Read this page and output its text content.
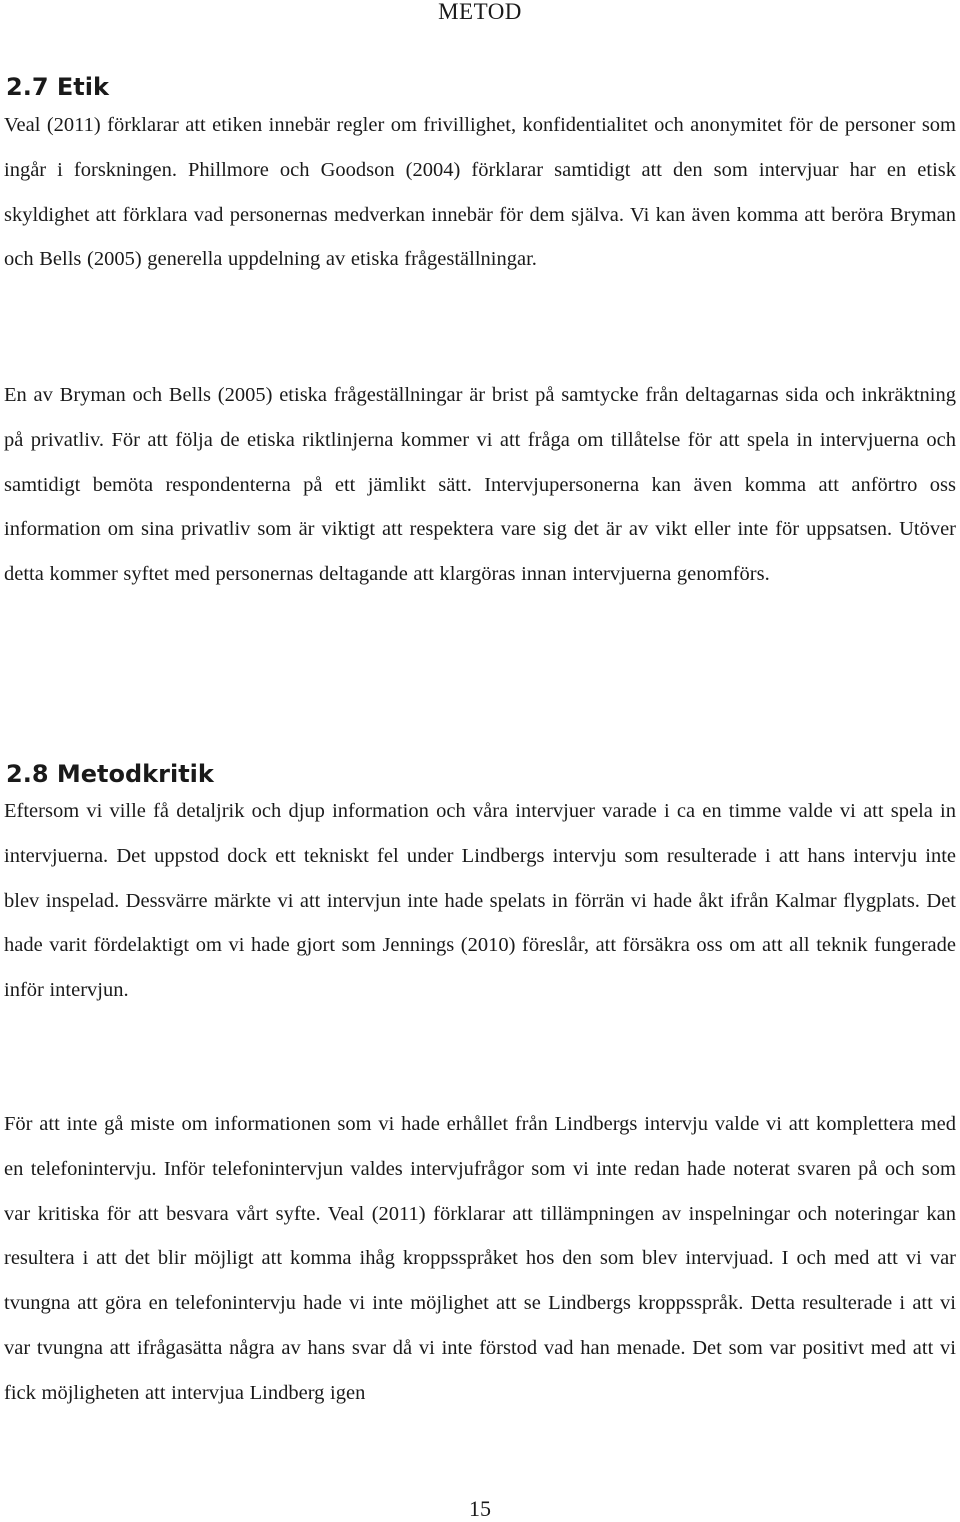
METOD
2.7 Etik

Veal (2011) förklarar att etiken innebär regler om frivillighet, konfidentialitet och anonymitet för de personer som ingår i forskningen. Phillmore och Goodson (2004) förklarar samtidigt att den som intervjuar har en etisk skyldighet att förklara vad personernas medverkan innebär för dem själva. Vi kan även komma att beröra Bryman och Bells (2005) generella uppdelning av etiska frågeställningar.

En av Bryman och Bells (2005) etiska frågeställningar är brist på samtycke från deltagarnas sida och inkräktning på privatliv. För att följa de etiska riktlinjerna kommer vi att fråga om tillåtelse för att spela in intervjuerna och samtidigt bemöta respondenterna på ett jämlikt sätt. Intervjupersonerna kan även komma att anförtro oss information om sina privatliv som är viktigt att respektera vare sig det är av vikt eller inte för uppsatsen. Utöver detta kommer syftet med personernas deltagande att klargöras innan intervjuerna genomförs.

2.8 Metodkritik

Eftersom vi ville få detaljrik och djup information och våra intervjuer varade i ca en timme valde vi att spela in intervjuerna. Det uppstod dock ett tekniskt fel under Lindbergs intervju som resulterade i att hans intervju inte blev inspelad. Dessvärre märkte vi att intervjun inte hade spelats in förrän vi hade åkt ifrån Kalmar flygplats. Det hade varit fördelaktigt om vi hade gjort som Jennings (2010) föreslår, att försäkra oss om att all teknik fungerade inför intervjun.

För att inte gå miste om informationen som vi hade erhållet från Lindbergs intervju valde vi att komplettera med en telefonintervju. Inför telefonintervjun valdes intervjufrågor som vi inte redan hade noterat svaren på och som var kritiska för att besvara vårt syfte. Veal (2011) förklarar att tillämpningen av inspelningar och noteringar kan resultera i att det blir möjligt att komma ihåg kroppsspråket hos den som blev intervjuad. I och med att vi var tvungna att göra en telefonintervju hade vi inte möjlighet att se Lindbergs kroppsspråk. Detta resulterade i att vi var tvungna att ifrågasätta några av hans svar då vi inte förstod vad han menade. Det som var positivt med att vi fick möjligheten att intervjua Lindberg igen

15
